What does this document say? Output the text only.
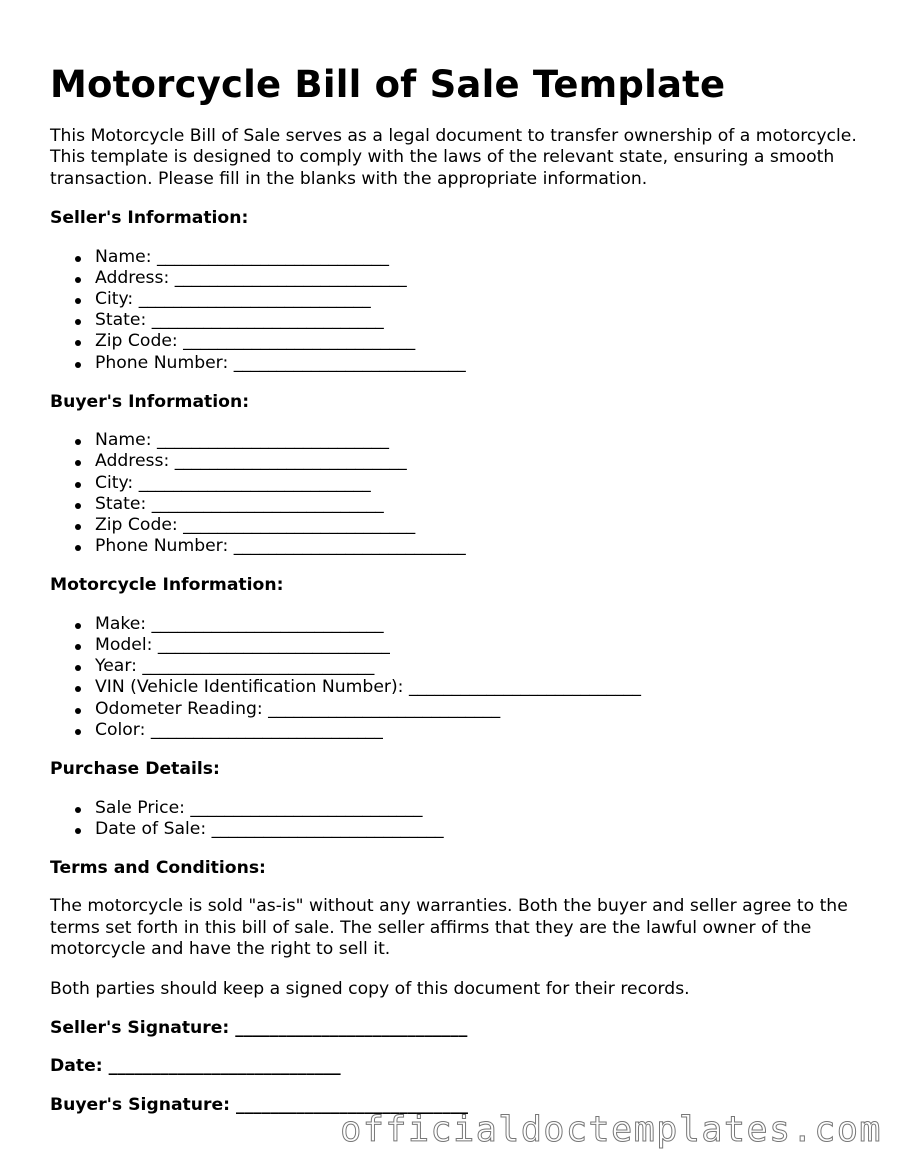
Motorcycle Bill of Sale Template

This Motorcycle Bill of Sale serves as a legal document to transfer ownership of a motorcycle. This template is designed to comply with the laws of the relevant state, ensuring a smooth transaction. Please fill in the blanks with the appropriate information.

Seller's Information:
Name: ___________________________
Address: ___________________________
City: ___________________________
State: ___________________________
Zip Code: ___________________________
Phone Number: ___________________________
Buyer's Information:
Name: ___________________________
Address: ___________________________
City: ___________________________
State: ___________________________
Zip Code: ___________________________
Phone Number: ___________________________
Motorcycle Information:
Make: ___________________________
Model: ___________________________
Year: ___________________________
VIN (Vehicle Identification Number): ___________________________
Odometer Reading: ___________________________
Color: ___________________________
Purchase Details:
Sale Price: ___________________________
Date of Sale: ___________________________
Terms and Conditions:

The motorcycle is sold "as-is" without any warranties. Both the buyer and seller agree to the terms set forth in this bill of sale. The seller affirms that they are the lawful owner of the motorcycle and have the right to sell it.

Both parties should keep a signed copy of this document for their records.

Seller's Signature: ___________________________
Date: ___________________________
Buyer's Signature: ___________________________
officialdoctemplates.com
